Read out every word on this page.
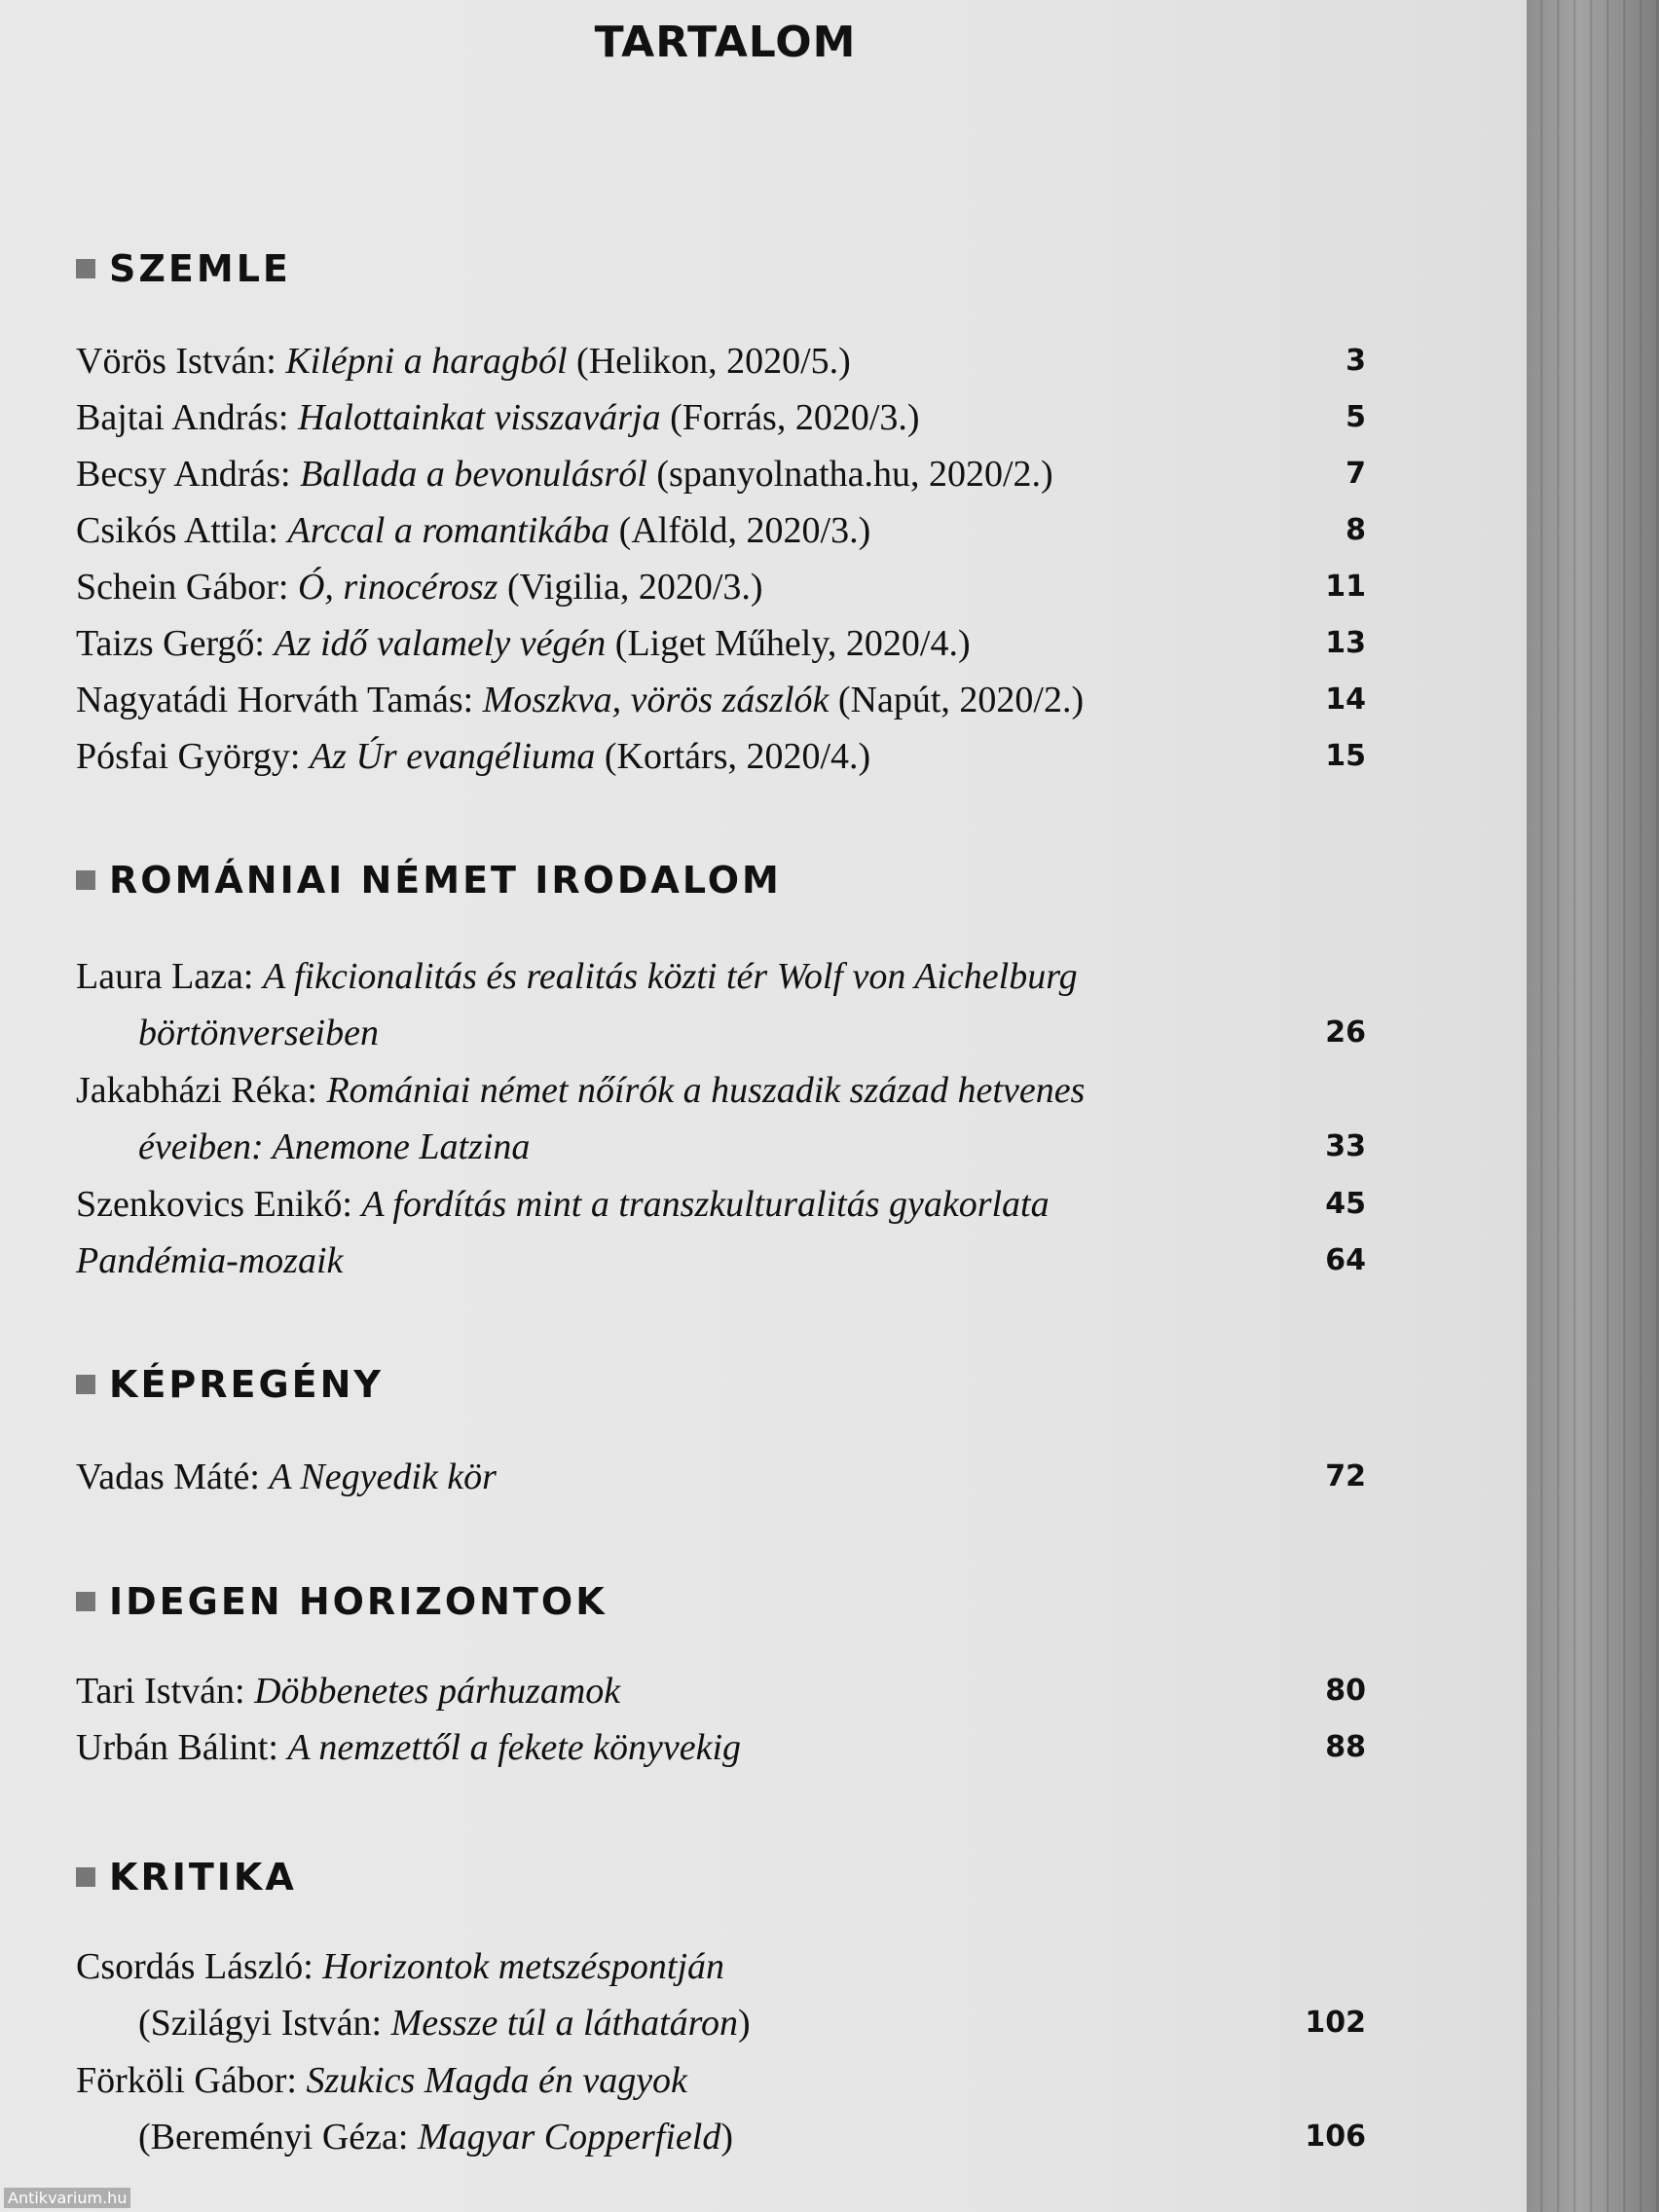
TARTALOM
SZEMLE
Vörös István: Kilépni a haragból (Helikon, 2020/5.)	3
Bajtai András: Halottainkat visszavárja (Forrás, 2020/3.)	5
Becsy András: Ballada a bevonulásról (spanyolnatha.hu, 2020/2.)	7
Csikós Attila: Arccal a romantikába (Alföld, 2020/3.)	8
Schein Gábor: Ó, rinocérosz (Vigilia, 2020/3.)	11
Taizs Gergő: Az idő valamely végén (Liget Műhely, 2020/4.)	13
Nagyatádi Horváth Tamás: Moszkva, vörös zászlók (Napút, 2020/2.)	14
Pósfai György: Az Úr evangéliuma (Kortárs, 2020/4.)	15
ROMÁNIAI NÉMET IRODALOM
Laura Laza: A fikcionalitás és realitás közti tér Wolf von Aichelburg
börtönverseiben	26
Jakabházi Réka: Romániai német nőírók a huszadik század hetvenes
éveiben: Anemone Latzina	33
Szenkovics Enikő: A fordítás mint a transzkulturalitás gyakorlata	45
Pandémia-mozaik	64
KÉPREGÉNY
Vadas Máté: A Negyedik kör	72
IDEGEN HORIZONTOK
Tari István: Döbbenetes párhuzamok	80
Urbán Bálint: A nemzettől a fekete könyvekig	88
KRITIKA
Csordás László: Horizontok metszéspontján
(Szilágyi István: Messze túl a láthatáron)	102
Förköli Gábor: Szukics Magda én vagyok
(Bereményi Géza: Magyar Copperfield)	106
Antikvarium.hu
